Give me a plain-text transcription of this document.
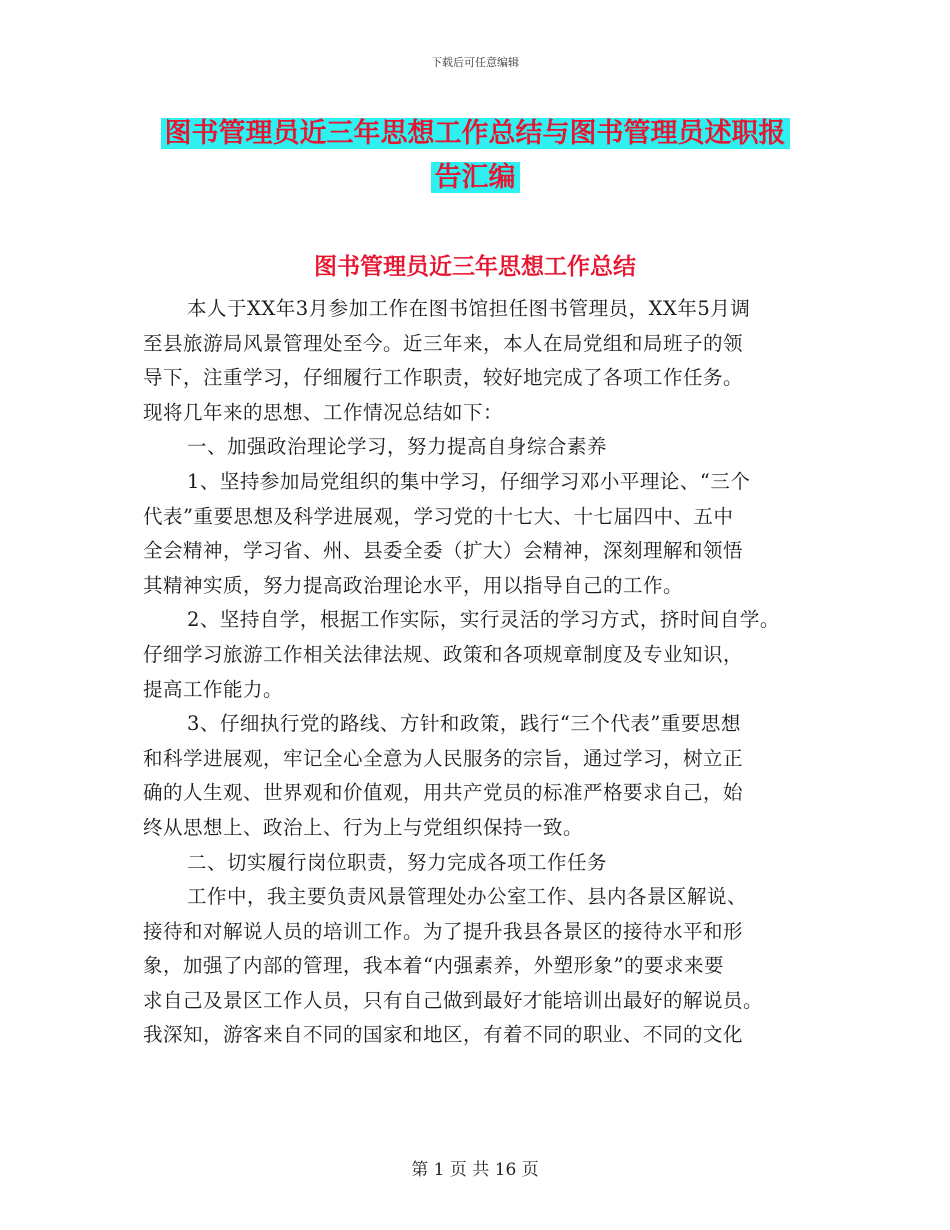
下载后可任意编辑
图书管理员近三年思想工作总结与图书管理员述职报
告汇编
图书管理员近三年思想工作总结
本人于XX年3月参加工作在图书馆担任图书管理员，XX年5月调
至县旅游局风景管理处至今。近三年来，本人在局党组和局班子的领
导下，注重学习，仔细履行工作职责，较好地完成了各项工作任务。
现将几年来的思想、工作情况总结如下：
一、加强政治理论学习，努力提高自身综合素养
1、坚持参加局党组织的集中学习，仔细学习邓小平理论、“三个
代表”重要思想及科学进展观，学习党的十七大、十七届四中、五中
全会精神，学习省、州、县委全委（扩大）会精神，深刻理解和领悟
其精神实质，努力提高政治理论水平，用以指导自己的工作。
2、坚持自学，根据工作实际，实行灵活的学习方式，挤时间自学。
仔细学习旅游工作相关法律法规、政策和各项规章制度及专业知识，
提高工作能力。
3、仔细执行党的路线、方针和政策，践行“三个代表”重要思想
和科学进展观，牢记全心全意为人民服务的宗旨，通过学习，树立正
确的人生观、世界观和价值观，用共产党员的标准严格要求自己，始
终从思想上、政治上、行为上与党组织保持一致。
二、切实履行岗位职责，努力完成各项工作任务
工作中，我主要负责风景管理处办公室工作、县内各景区解说、
接待和对解说人员的培训工作。为了提升我县各景区的接待水平和形
象，加强了内部的管理，我本着“内强素养，外塑形象”的要求来要
求自己及景区工作人员，只有自己做到最好才能培训出最好的解说员。
我深知，游客来自不同的国家和地区，有着不同的职业、不同的文化
第 1 页 共 16 页
